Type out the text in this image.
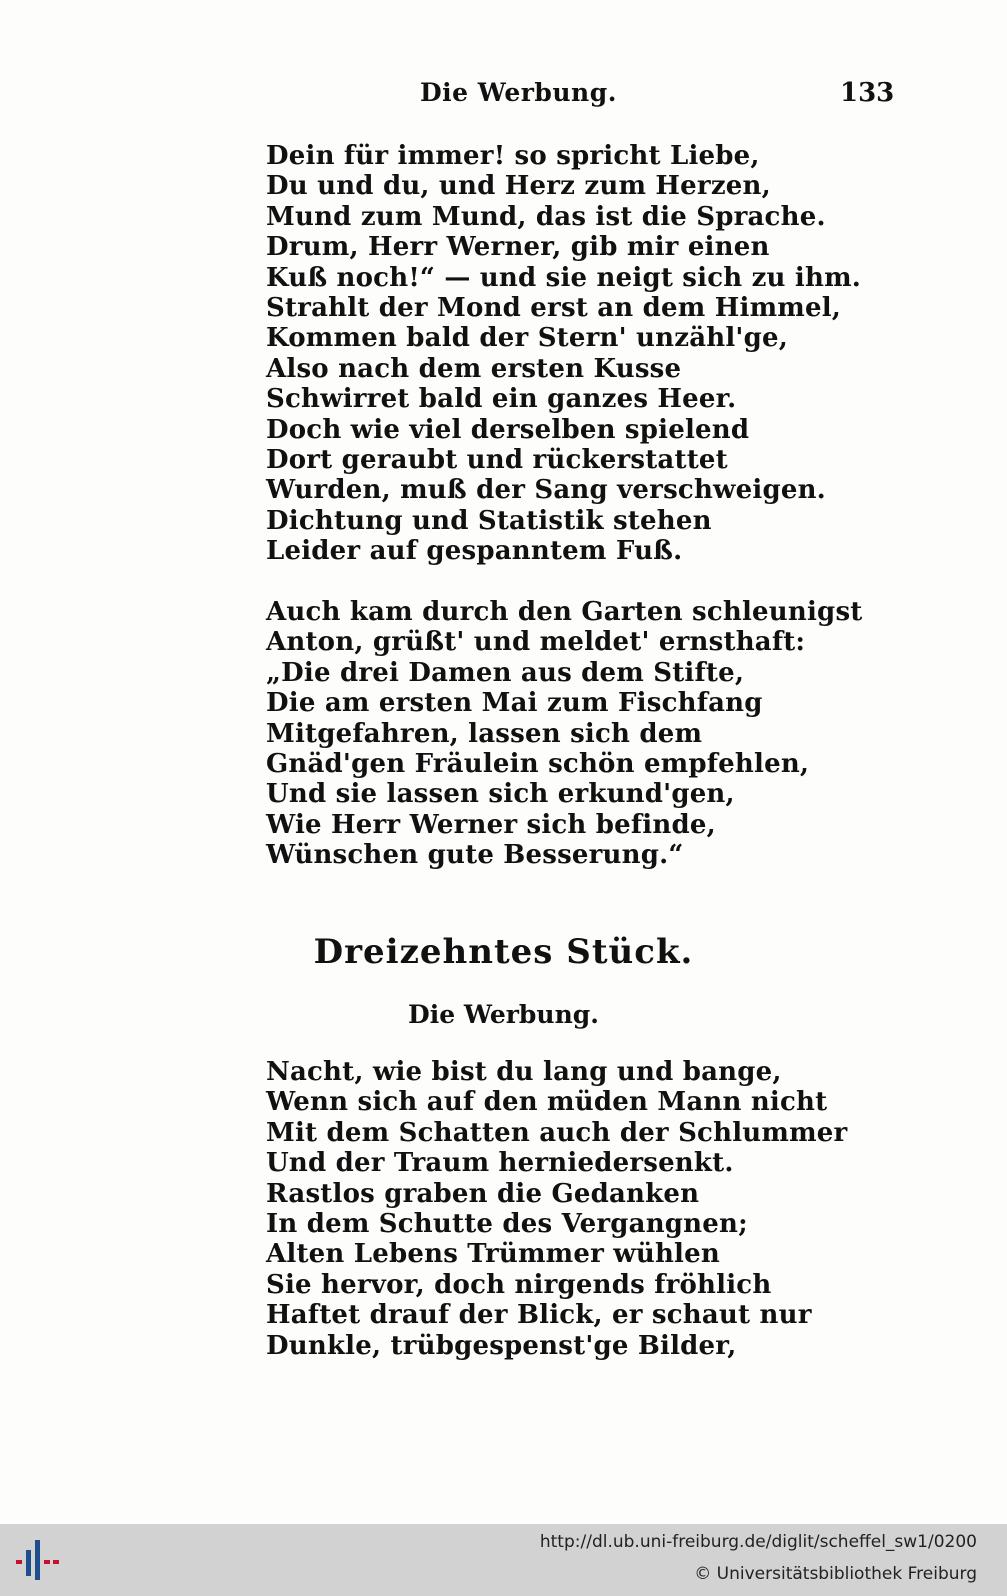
Die Werbung.	133
Dein für immer! so spricht Liebe,
Du und du, und Herz zum Herzen,
Mund zum Mund, das ist die Sprache.
Drum, Herr Werner, gib mir einen
Kuß noch!“ — und sie neigt sich zu ihm.
Strahlt der Mond erst an dem Himmel,
Kommen bald der Stern' unzähl'ge,
Also nach dem ersten Kusse
Schwirret bald ein ganzes Heer.
Doch wie viel derselben spielend
Dort geraubt und rückerstattet
Wurden, muß der Sang verschweigen.
Dichtung und Statistik stehen
Leider auf gespanntem Fuß.
Auch kam durch den Garten schleunigst
Anton, grüßt' und meldet' ernsthaft:
„Die drei Damen aus dem Stifte,
Die am ersten Mai zum Fischfang
Mitgefahren, lassen sich dem
Gnäd'gen Fräulein schön empfehlen,
Und sie lassen sich erkund'gen,
Wie Herr Werner sich befinde,
Wünschen gute Besserung.“
Dreizehntes Stück.
Die Werbung.
Nacht, wie bist du lang und bange,
Wenn sich auf den müden Mann nicht
Mit dem Schatten auch der Schlummer
Und der Traum herniedersenkt.
Rastlos graben die Gedanken
In dem Schutte des Vergangnen;
Alten Lebens Trümmer wühlen
Sie hervor, doch nirgends fröhlich
Haftet drauf der Blick, er schaut nur
Dunkle, trübgespenst'ge Bilder,
http://dl.ub.uni-freiburg.de/diglit/scheffel_sw1/0200
© Universitätsbibliothek Freiburg
